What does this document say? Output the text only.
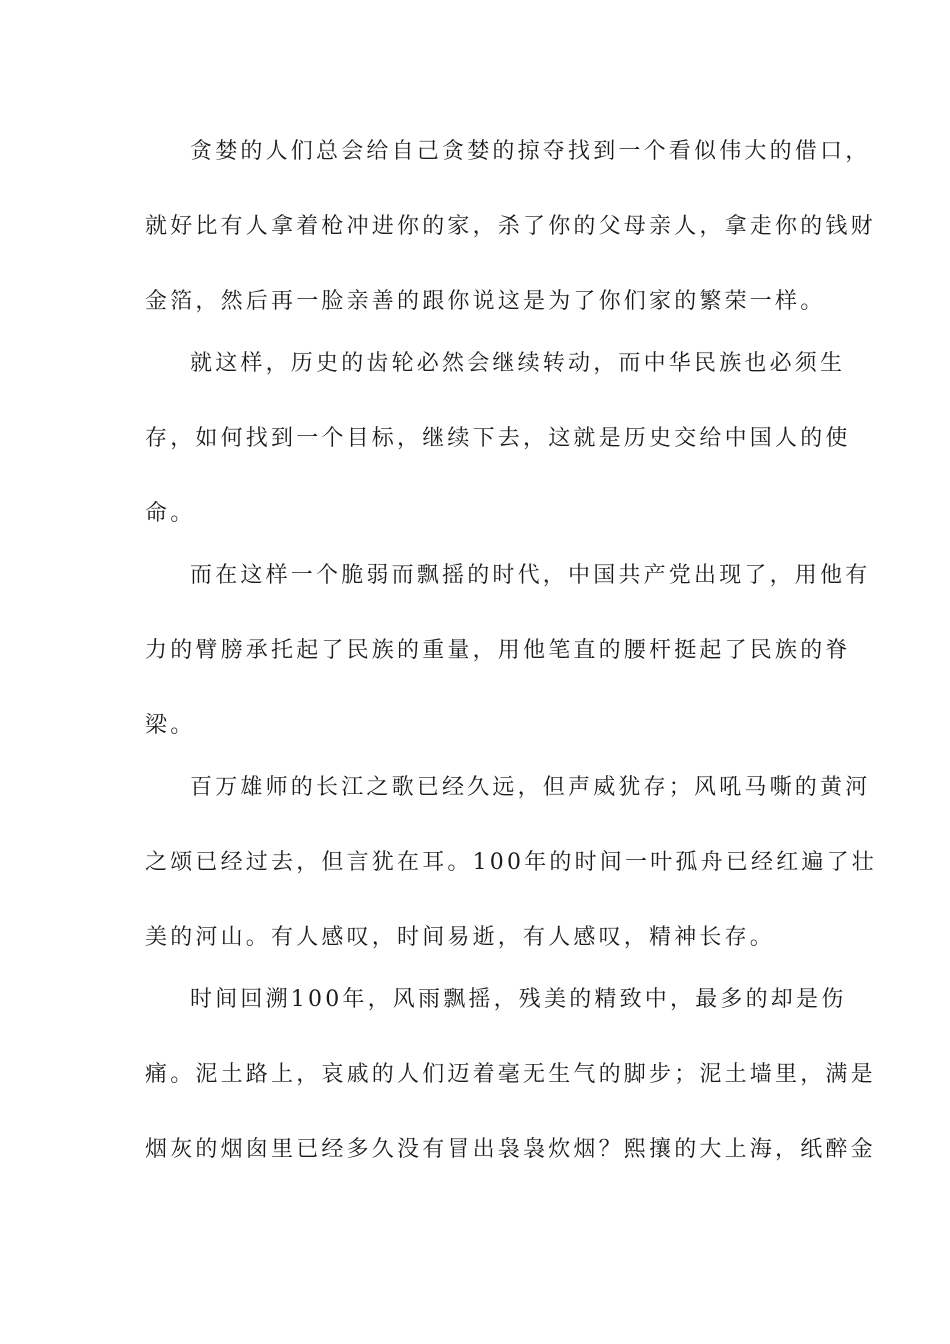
贪婪的人们总会给自己贪婪的掠夺找到一个看似伟大的借口，
就好比有人拿着枪冲进你的家，杀了你的父母亲人，拿走你的钱财
金箔，然后再一脸亲善的跟你说这是为了你们家的繁荣一样。
就这样，历史的齿轮必然会继续转动，而中华民族也必须生
存，如何找到一个目标，继续下去，这就是历史交给中国人的使
命。
而在这样一个脆弱而飘摇的时代，中国共产党出现了，用他有
力的臂膀承托起了民族的重量，用他笔直的腰杆挺起了民族的脊
梁。
百万雄师的长江之歌已经久远，但声威犹存；风吼马嘶的黄河
之颂已经过去，但言犹在耳。100年的时间一叶孤舟已经红遍了壮
美的河山。有人感叹，时间易逝，有人感叹，精神长存。
时间回溯100年，风雨飘摇，残美的精致中，最多的却是伤
痛。泥土路上，哀戚的人们迈着毫无生气的脚步；泥土墙里，满是
烟灰的烟囱里已经多久没有冒出袅袅炊烟？熙攘的大上海，纸醉金
